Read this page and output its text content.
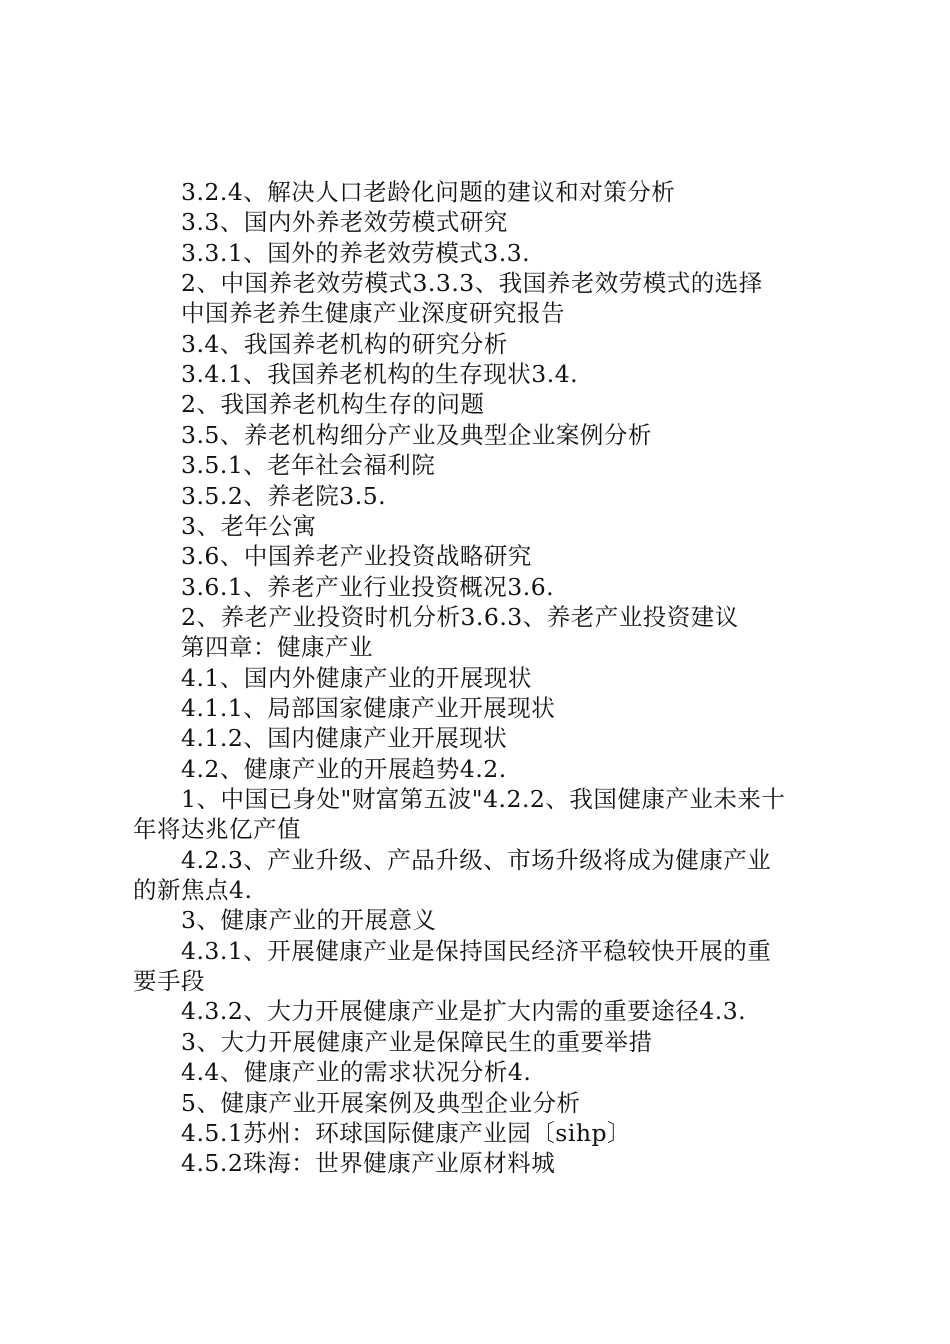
3.2.4、解决人口老龄化问题的建议和对策分析
3.3、国内外养老效劳模式研究
3.3.1、国外的养老效劳模式3.3.
2、中国养老效劳模式3.3.3、我国养老效劳模式的选择
中国养老养生健康产业深度研究报告
3.4、我国养老机构的研究分析
3.4.1、我国养老机构的生存现状3.4.
2、我国养老机构生存的问题
3.5、养老机构细分产业及典型企业案例分析
3.5.1、老年社会福利院
3.5.2、养老院3.5.
3、老年公寓
3.6、中国养老产业投资战略研究
3.6.1、养老产业行业投资概况3.6.
2、养老产业投资时机分析3.6.3、养老产业投资建议
第四章：健康产业
4.1、国内外健康产业的开展现状
4.1.1、局部国家健康产业开展现状
4.1.2、国内健康产业开展现状
4.2、健康产业的开展趋势4.2.
1、中国已身处"财富第五波"4.2.2、我国健康产业未来十
年将达兆亿产值
4.2.3、产业升级、产品升级、市场升级将成为健康产业
的新焦点4.
3、健康产业的开展意义
4.3.1、开展健康产业是保持国民经济平稳较快开展的重
要手段
4.3.2、大力开展健康产业是扩大内需的重要途径4.3.
3、大力开展健康产业是保障民生的重要举措
4.4、健康产业的需求状况分析4.
5、健康产业开展案例及典型企业分析
4.5.1苏州：环球国际健康产业园〔sihp〕
4.5.2珠海：世界健康产业原材料城
